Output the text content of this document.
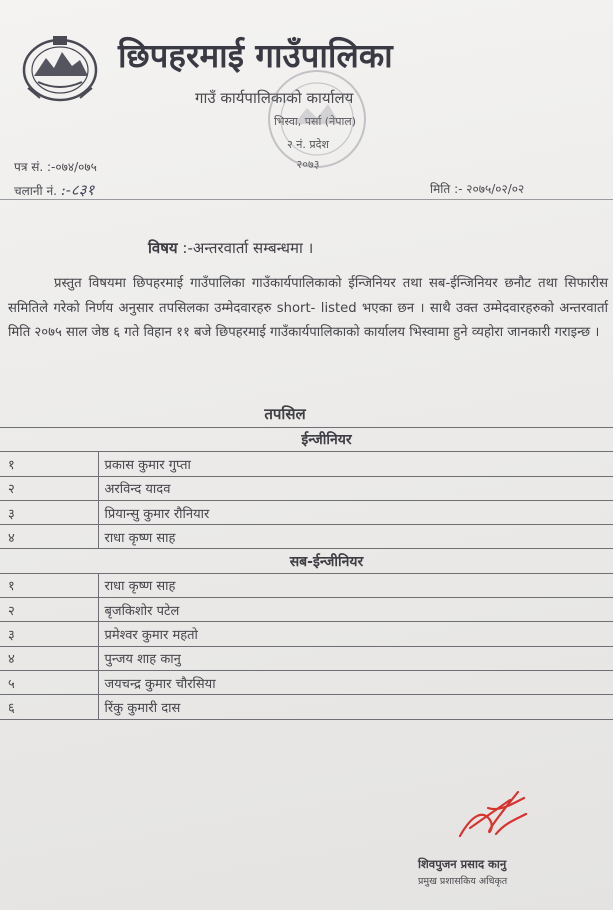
छिपहरमाई गाउँपालिका
गाउँ कार्यपालिकाको कार्यालय
भिस्वा, पर्सा (नेपाल)
२ नं. प्रदेश
२०७३
पत्र सं. :-०७४/०७५
चलानी नं. :-८३१	मिति :- २०७५/०२/०२
विषय :-अन्तरवार्ता सम्बन्धमा ।
प्रस्तुत विषयमा छिपहरमाई गाउँपालिका गाउँकार्यपालिकाको ईन्जिनियर तथा सब-ईन्जिनियर छनौट तथा सिफारीस समितिले गरेको निर्णय अनुसार तपसिलका उम्मेदवारहरु short- listed भएका छन । साथै उक्त उम्मेदवारहरुको अन्तरवार्ता मिति २०७५ साल जेष्ठ ६ गते विहान ११ बजे छिपहरमाई गाउँकार्यपालिकाको कार्यालय भिस्वामा हुने व्यहोरा जानकारी गराइन्छ ।
तपसिल
ईन्जीनियर	
१	प्रकास कुमार गुप्ता
२	अरविन्द यादव
३	प्रियान्सु कुमार रौनियार
४	राधा कृष्ण साह
सब-ईन्जीनियर	
१	राधा कृष्ण साह
२	बृजकिशोर पटेल
३	प्रमेश्वर कुमार महतो
४	पुन्जय शाह कानु
५	जयचन्द्र कुमार चौरसिया
६	रिंकु कुमारी दास
शिवपुजन प्रसाद कानु
प्रमुख प्रशासकिय अधिकृत
